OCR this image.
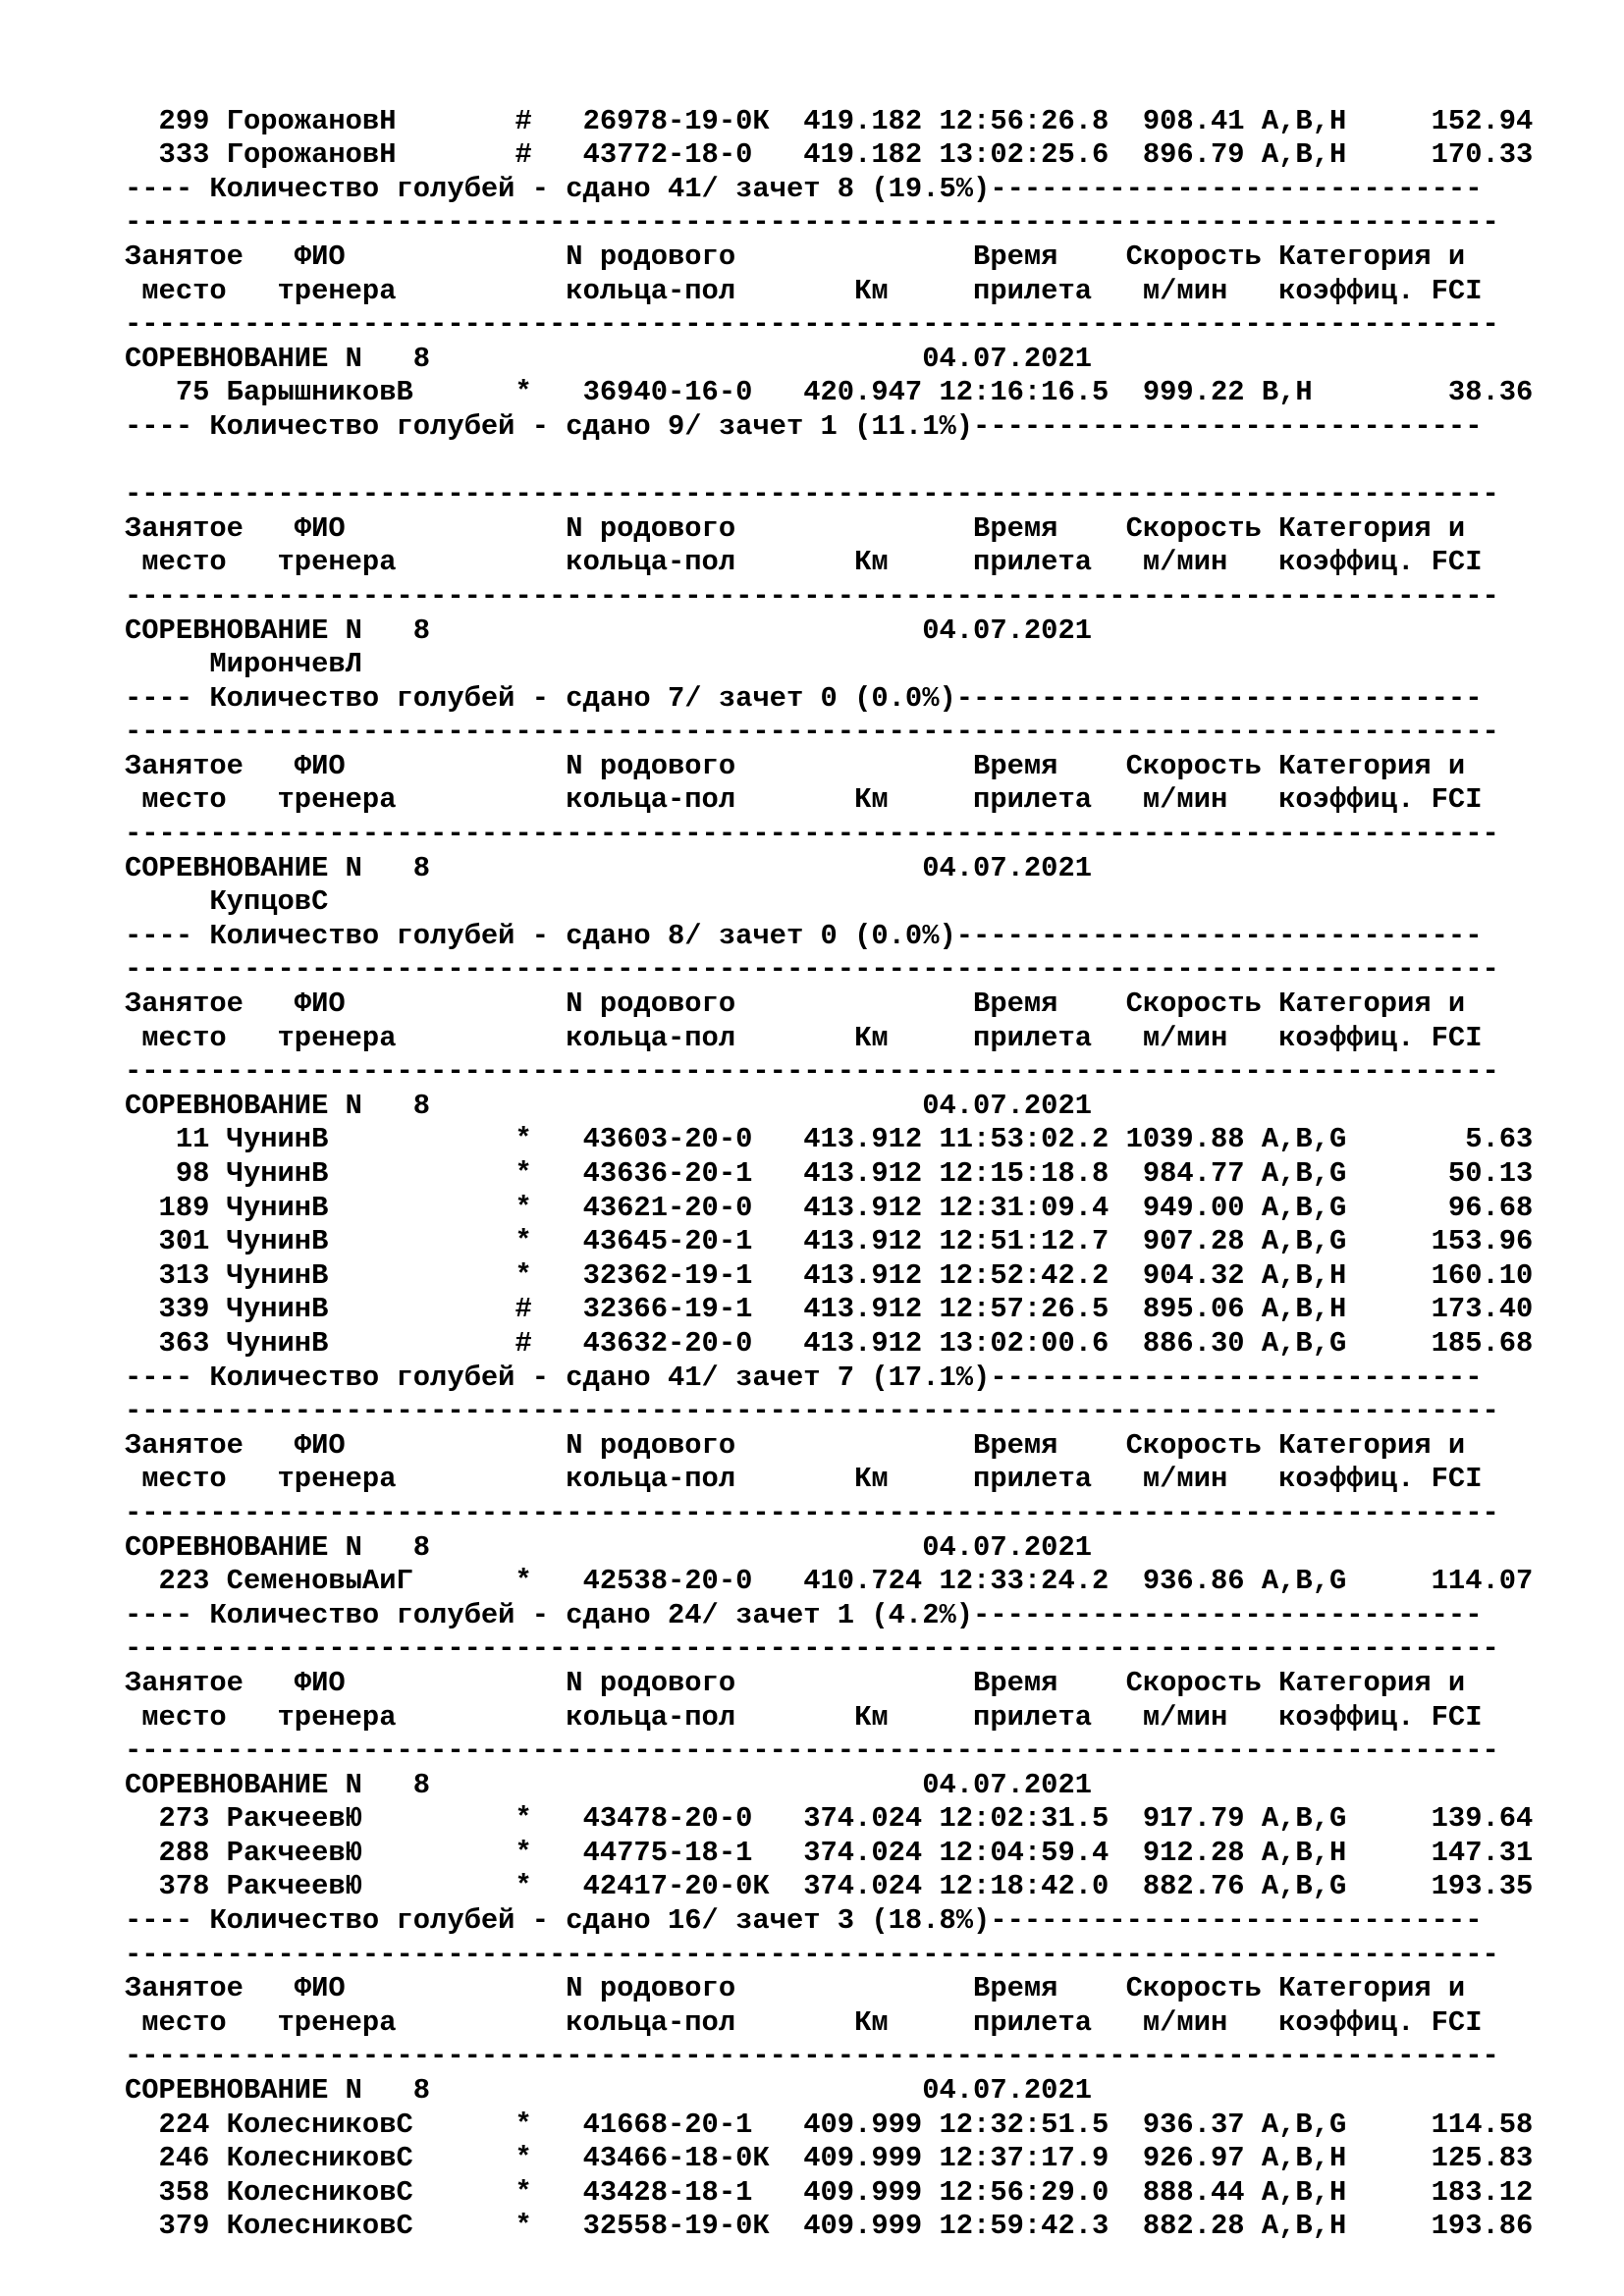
299 ГорожановН       #   26978-19-0К  419.182 12:56:26.8  908.41 A,B,H     152.94
333 ГорожановН       #   43772-18-0   419.182 13:02:25.6  896.79 A,B,H     170.33
---- Количество голубей - сдано 41/ зачет 8 (19.5%)-----------------------------
---------------------------------------------------------------------------------
Занятое   ФИО             N родового              Время    Скорость Категория и
место   тренера          кольца-пол       Км     прилета   м/мин   коэффиц. FCI
---------------------------------------------------------------------------------
СОРЕВНОВАНИЕ N   8                             04.07.2021
75 БарышниковВ      *   36940-16-0   420.947 12:16:16.5  999.22 B,H        38.36
---- Количество голубей - сдано 9/ зачет 1 (11.1%)------------------------------
---------------------------------------------------------------------------------
Занятое   ФИО             N родового              Время    Скорость Категория и
место   тренера          кольца-пол       Км     прилета   м/мин   коэффиц. FCI
---------------------------------------------------------------------------------
СОРЕВНОВАНИЕ N   8                             04.07.2021
МирончевЛ
---- Количество голубей - сдано 7/ зачет 0 (0.0%)-------------------------------
---------------------------------------------------------------------------------
Занятое   ФИО             N родового              Время    Скорость Категория и
место   тренера          кольца-пол       Км     прилета   м/мин   коэффиц. FCI
---------------------------------------------------------------------------------
СОРЕВНОВАНИЕ N   8                             04.07.2021
КупцовС
---- Количество голубей - сдано 8/ зачет 0 (0.0%)-------------------------------
---------------------------------------------------------------------------------
Занятое   ФИО             N родового              Время    Скорость Категория и
место   тренера          кольца-пол       Км     прилета   м/мин   коэффиц. FCI
---------------------------------------------------------------------------------
СОРЕВНОВАНИЕ N   8                             04.07.2021
11 ЧунинВ           *   43603-20-0   413.912 11:53:02.2 1039.88 A,B,G       5.63
98 ЧунинВ           *   43636-20-1   413.912 12:15:18.8  984.77 A,B,G      50.13
189 ЧунинВ           *   43621-20-0   413.912 12:31:09.4  949.00 A,B,G      96.68
301 ЧунинВ           *   43645-20-1   413.912 12:51:12.7  907.28 A,B,G     153.96
313 ЧунинВ           *   32362-19-1   413.912 12:52:42.2  904.32 A,B,H     160.10
339 ЧунинВ           #   32366-19-1   413.912 12:57:26.5  895.06 A,B,H     173.40
363 ЧунинВ           #   43632-20-0   413.912 13:02:00.6  886.30 A,B,G     185.68
---- Количество голубей - сдано 41/ зачет 7 (17.1%)-----------------------------
---------------------------------------------------------------------------------
Занятое   ФИО             N родового              Время    Скорость Категория и
место   тренера          кольца-пол       Км     прилета   м/мин   коэффиц. FCI
---------------------------------------------------------------------------------
СОРЕВНОВАНИЕ N   8                             04.07.2021
223 СеменовыАиГ      *   42538-20-0   410.724 12:33:24.2  936.86 A,B,G     114.07
---- Количество голубей - сдано 24/ зачет 1 (4.2%)------------------------------
---------------------------------------------------------------------------------
Занятое   ФИО             N родового              Время    Скорость Категория и
место   тренера          кольца-пол       Км     прилета   м/мин   коэффиц. FCI
---------------------------------------------------------------------------------
СОРЕВНОВАНИЕ N   8                             04.07.2021
273 РакчеевЮ         *   43478-20-0   374.024 12:02:31.5  917.79 A,B,G     139.64
288 РакчеевЮ         *   44775-18-1   374.024 12:04:59.4  912.28 A,B,H     147.31
378 РакчеевЮ         *   42417-20-0К  374.024 12:18:42.0  882.76 A,B,G     193.35
---- Количество голубей - сдано 16/ зачет 3 (18.8%)-----------------------------
---------------------------------------------------------------------------------
Занятое   ФИО             N родового              Время    Скорость Категория и
место   тренера          кольца-пол       Км     прилета   м/мин   коэффиц. FCI
---------------------------------------------------------------------------------
СОРЕВНОВАНИЕ N   8                             04.07.2021
224 КолесниковС      *   41668-20-1   409.999 12:32:51.5  936.37 A,B,G     114.58
246 КолесниковС      *   43466-18-0К  409.999 12:37:17.9  926.97 A,B,H     125.83
358 КолесниковС      *   43428-18-1   409.999 12:56:29.0  888.44 A,B,H     183.12
379 КолесниковС      *   32558-19-0К  409.999 12:59:42.3  882.28 A,B,H     193.86
